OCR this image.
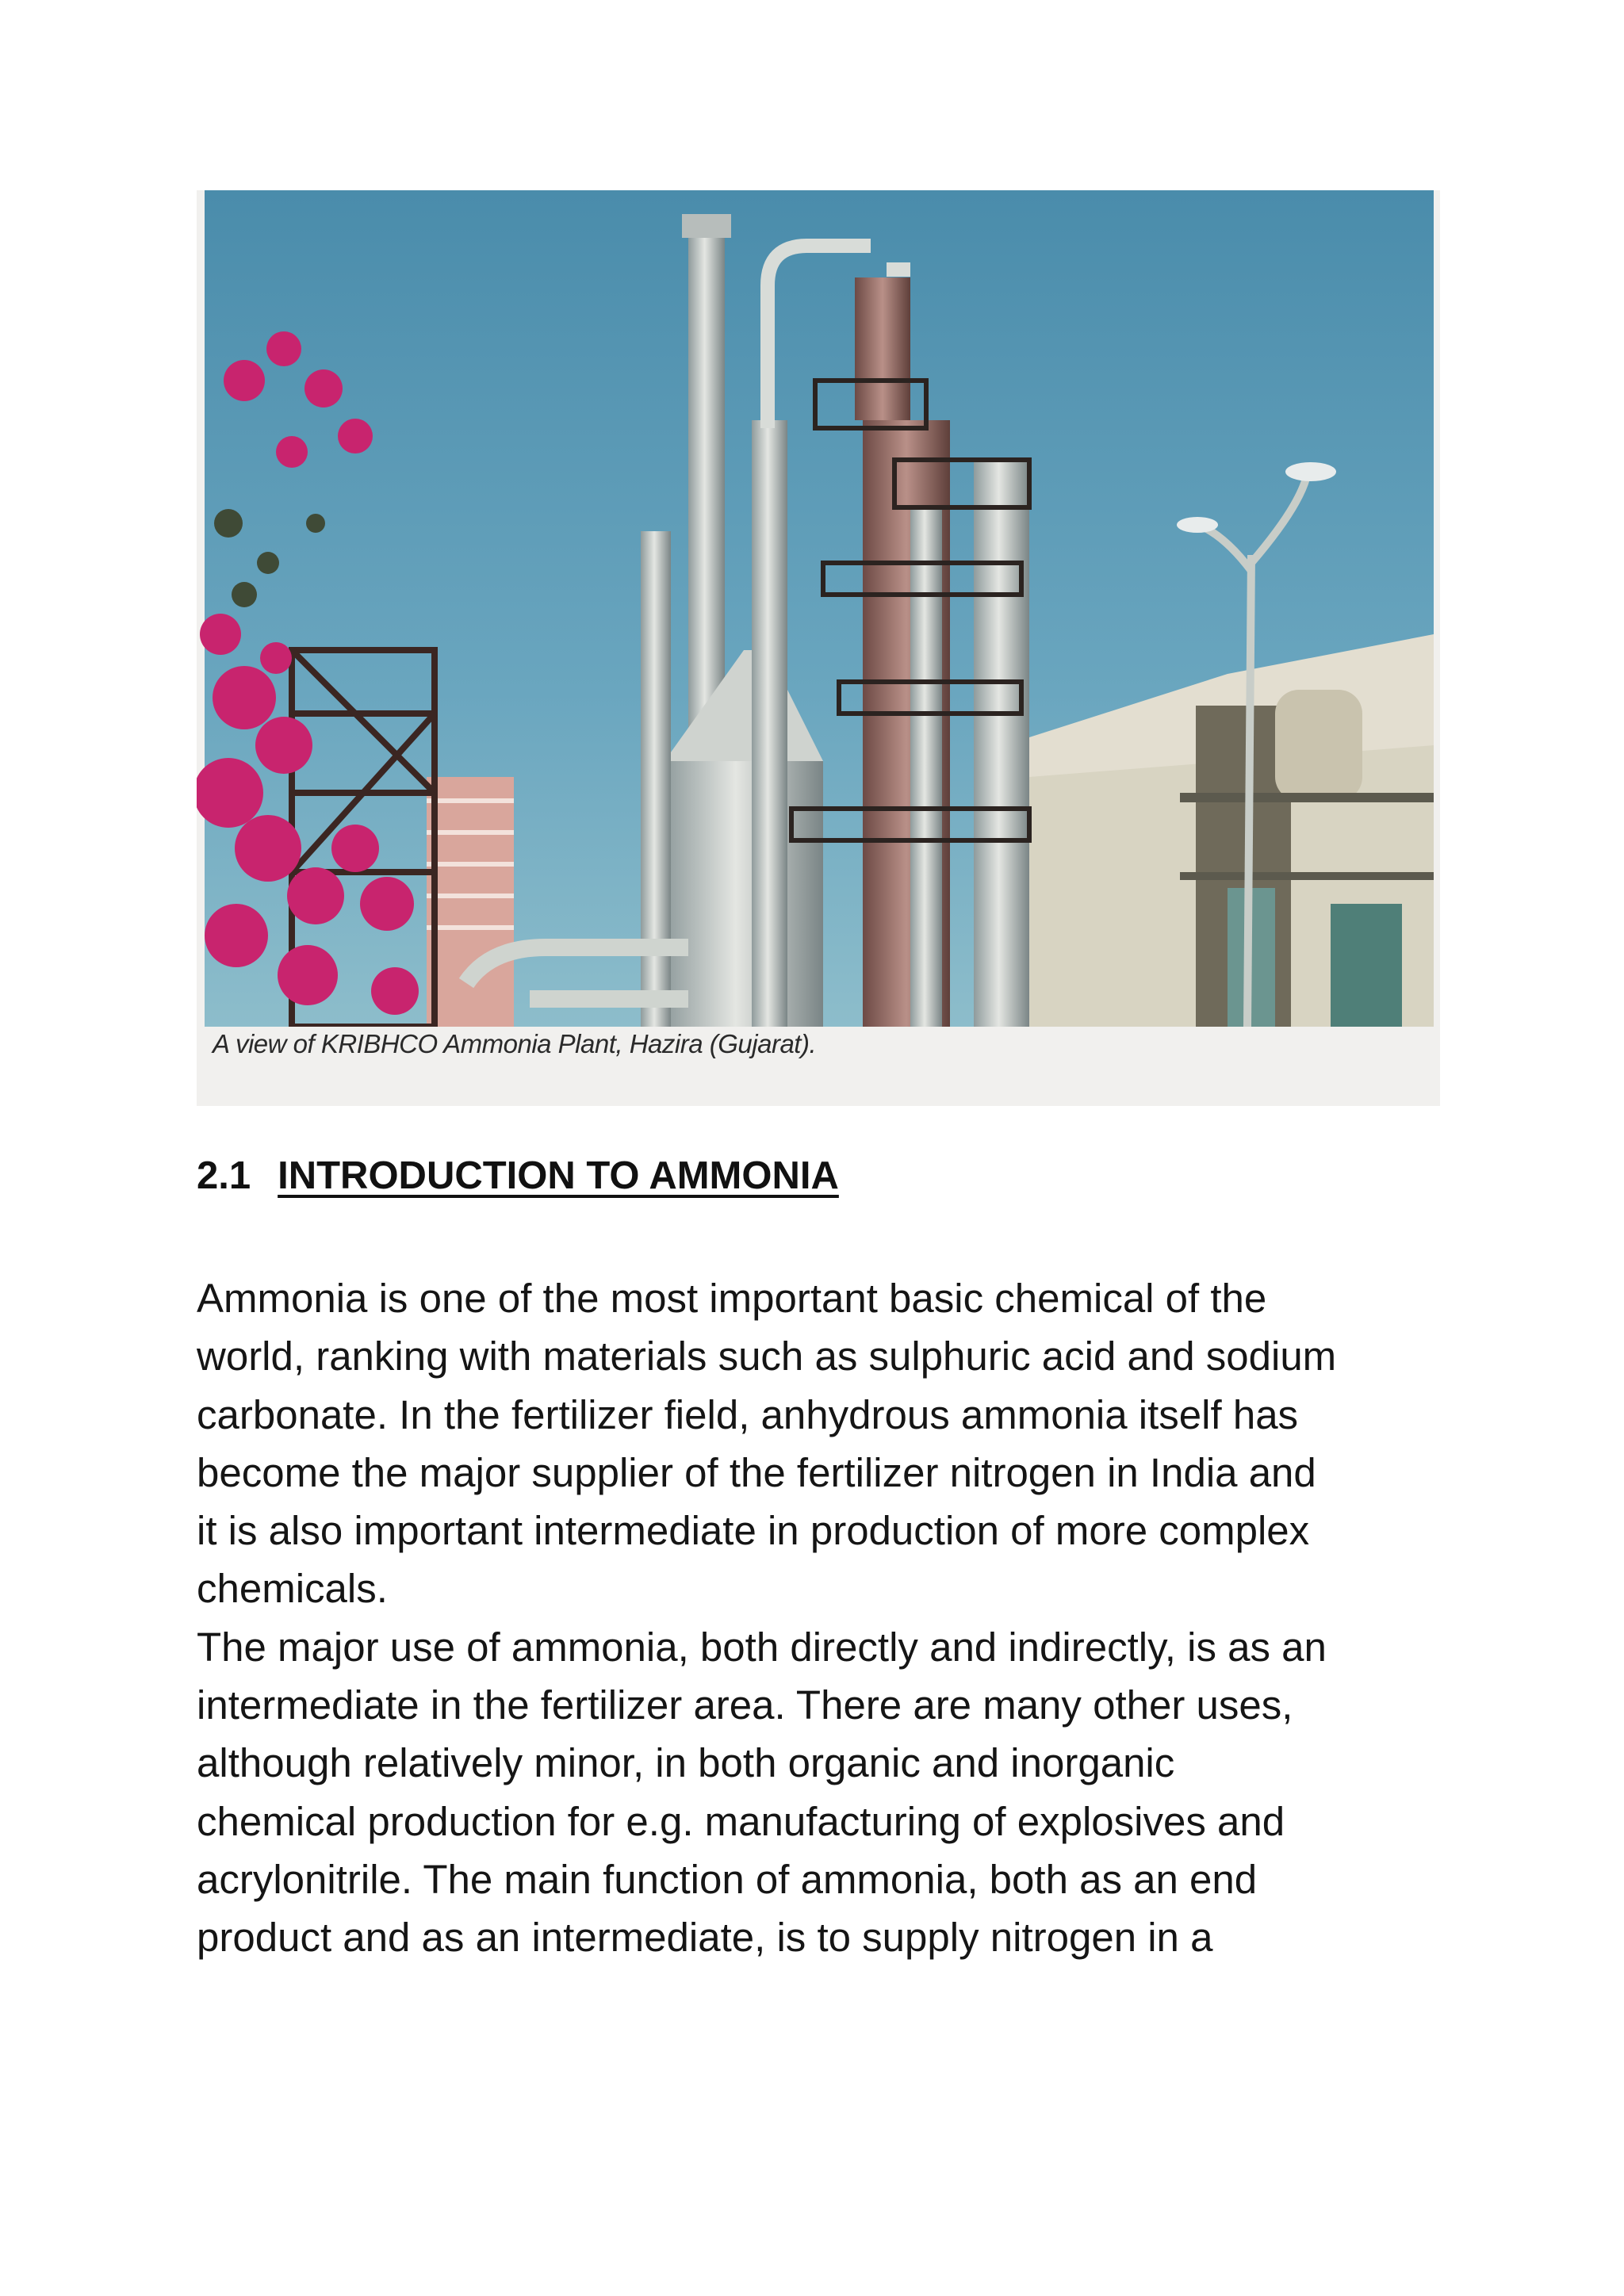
A view of KRIBHCO Ammonia Plant, Hazira (Gujarat).
2.1 INTRODUCTION TO AMMONIA
Ammonia is one of the most important basic chemical of the
world, ranking with materials such as sulphuric acid and sodium
carbonate. In the fertilizer field, anhydrous ammonia itself has
become the major supplier of the fertilizer nitrogen in India and
it is also important intermediate in production of more complex
chemicals.
The major use of ammonia, both directly and indirectly, is as an
intermediate in the fertilizer area. There are many other uses,
although relatively minor, in both organic and inorganic
chemical production for e.g. manufacturing of explosives and
acrylonitrile. The main function of ammonia, both as an end
product and as an intermediate, is to supply nitrogen in a
